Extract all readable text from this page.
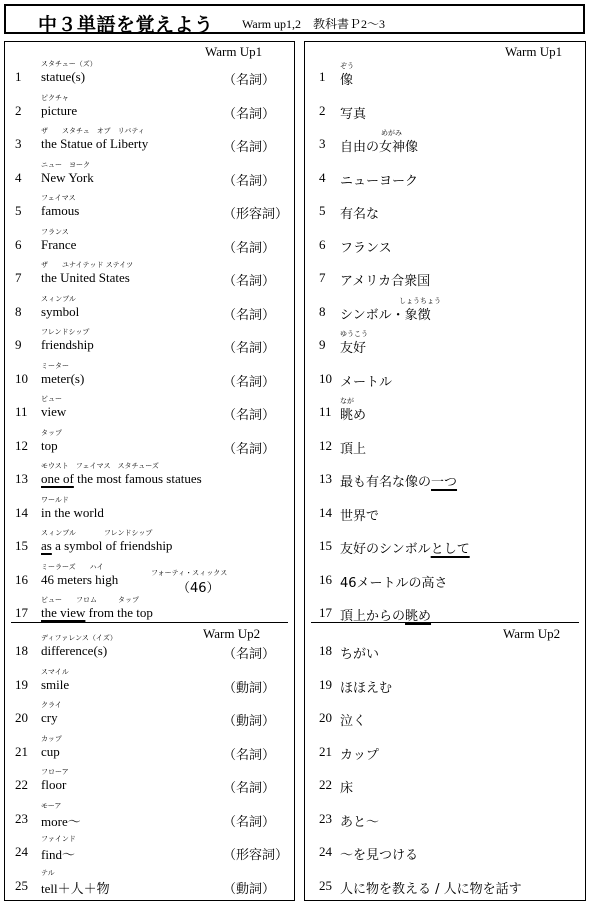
中３単語を覚えよう Warm up1,2　教科書Ｐ2～3
Warm Up1
Warm Up2
1
スタチュー（ズ）
statue(s)	（名詞）
2
ピクチャ
picture	（名詞）
3
ザ　　スタチュ　オブ　リバティ
the Statue of Liberty	（名詞）
4
ニュー　ヨーク
New York	（名詞）
5
フェイマス
famous	（形容詞）
6
フランス
France	（名詞）
7
ザ　　ユナイテッド ステイツ
the United States	（名詞）
8
スィンブル
symbol	（名詞）
9
フレンドシップ
friendship	（名詞）
10
ミーター
meter(s)	（名詞）
11
ビュー
view	（名詞）
12
タップ
top	（名詞）
13
モウスト　フェイマス　スタチューズ
one of the most famous statues
14
ワールド
in the world
15
スィンブル　　　　フレンドシップ
as a symbol of friendship
16
ミーラーズ　　ハイ
フォーティ・スィックス
46 meters high
（46）
17
ビュー　　フロム　　　タップ
the view from the top
18
ディファレンス（イズ）
difference(s)	（名詞）
19
スマイル
smile	（動詞）
20
クライ
cry	（動詞）
21
カップ
cup	（名詞）
22
フローア
floor	（名詞）
23
モーア
more～	（名詞）
24
ファインド
find～	（形容詞）
25
テル
tell＋人＋物	（動詞）
Warm Up1
Warm Up2
1
ぞう
像
2 写真
3
めがみ
自由の女神像
4 ニューヨーク
5 有名な
6 フランス
7 アメリカ合衆国
8
しょうちょう
シンボル・象徴
9
ゆうこう
友好
10 メートル
11
なが
眺め
12 頂上
13 最も有名な像の一つ
14 世界で
15 友好のシンボルとして
16 46メートルの高さ
17 頂上からの眺め
18 ちがい
19 ほほえむ
20 泣く
21 カップ
22 床
23 あと～
24 ～を見つける
25 人に物を教える / 人に物を話す
